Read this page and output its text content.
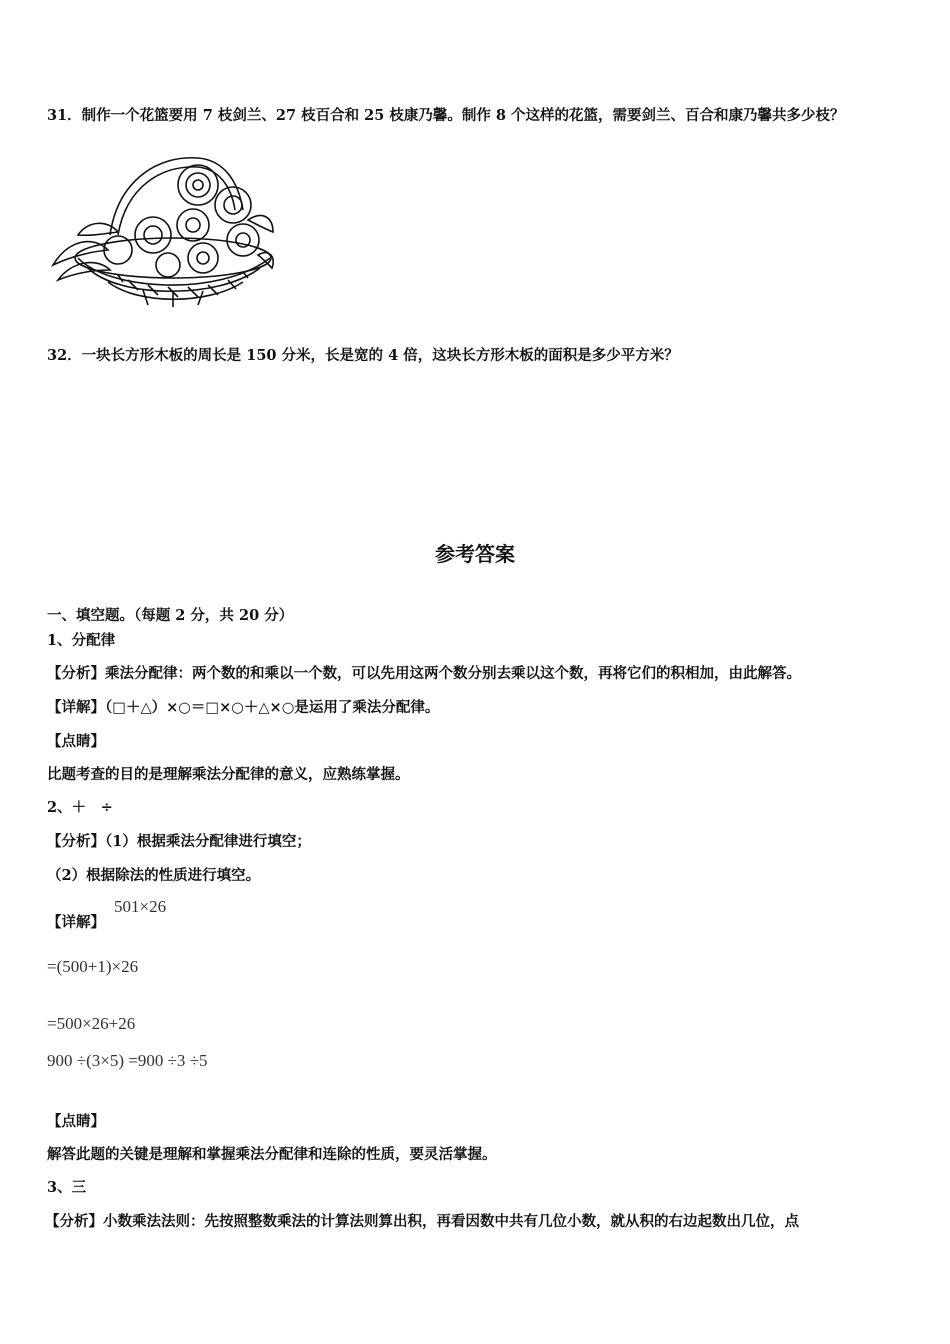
31．制作一个花篮要用 7 枝剑兰、27 枝百合和 25 枝康乃馨。制作 8 个这样的花篮，需要剑兰、百合和康乃馨共多少枝？
32．一块长方形木板的周长是 150 分米，长是宽的 4 倍，这块长方形木板的面积是多少平方米？
参考答案
一、填空题。（每题 2 分，共 20 分）
1、分配律
【分析】乘法分配律：两个数的和乘以一个数，可以先用这两个数分别去乘以这个数，再将它们的积相加，由此解答。
【详解】（□＋△）×○＝□×○＋△×○是运用了乘法分配律。
【点睛】
比题考查的目的是理解乘法分配律的意义，应熟练掌握。
2、＋　÷
【分析】（1）根据乘法分配律进行填空；
（2）根据除法的性质进行填空。
【详解】
501×26
=(500+1)×26
=500×26+26
900 ÷(3×5) =900 ÷3 ÷5
【点睛】
解答此题的关键是理解和掌握乘法分配律和连除的性质，要灵活掌握。
3、三
【分析】小数乘法法则：先按照整数乘法的计算法则算出积，再看因数中共有几位小数，就从积的右边起数出几位，点
